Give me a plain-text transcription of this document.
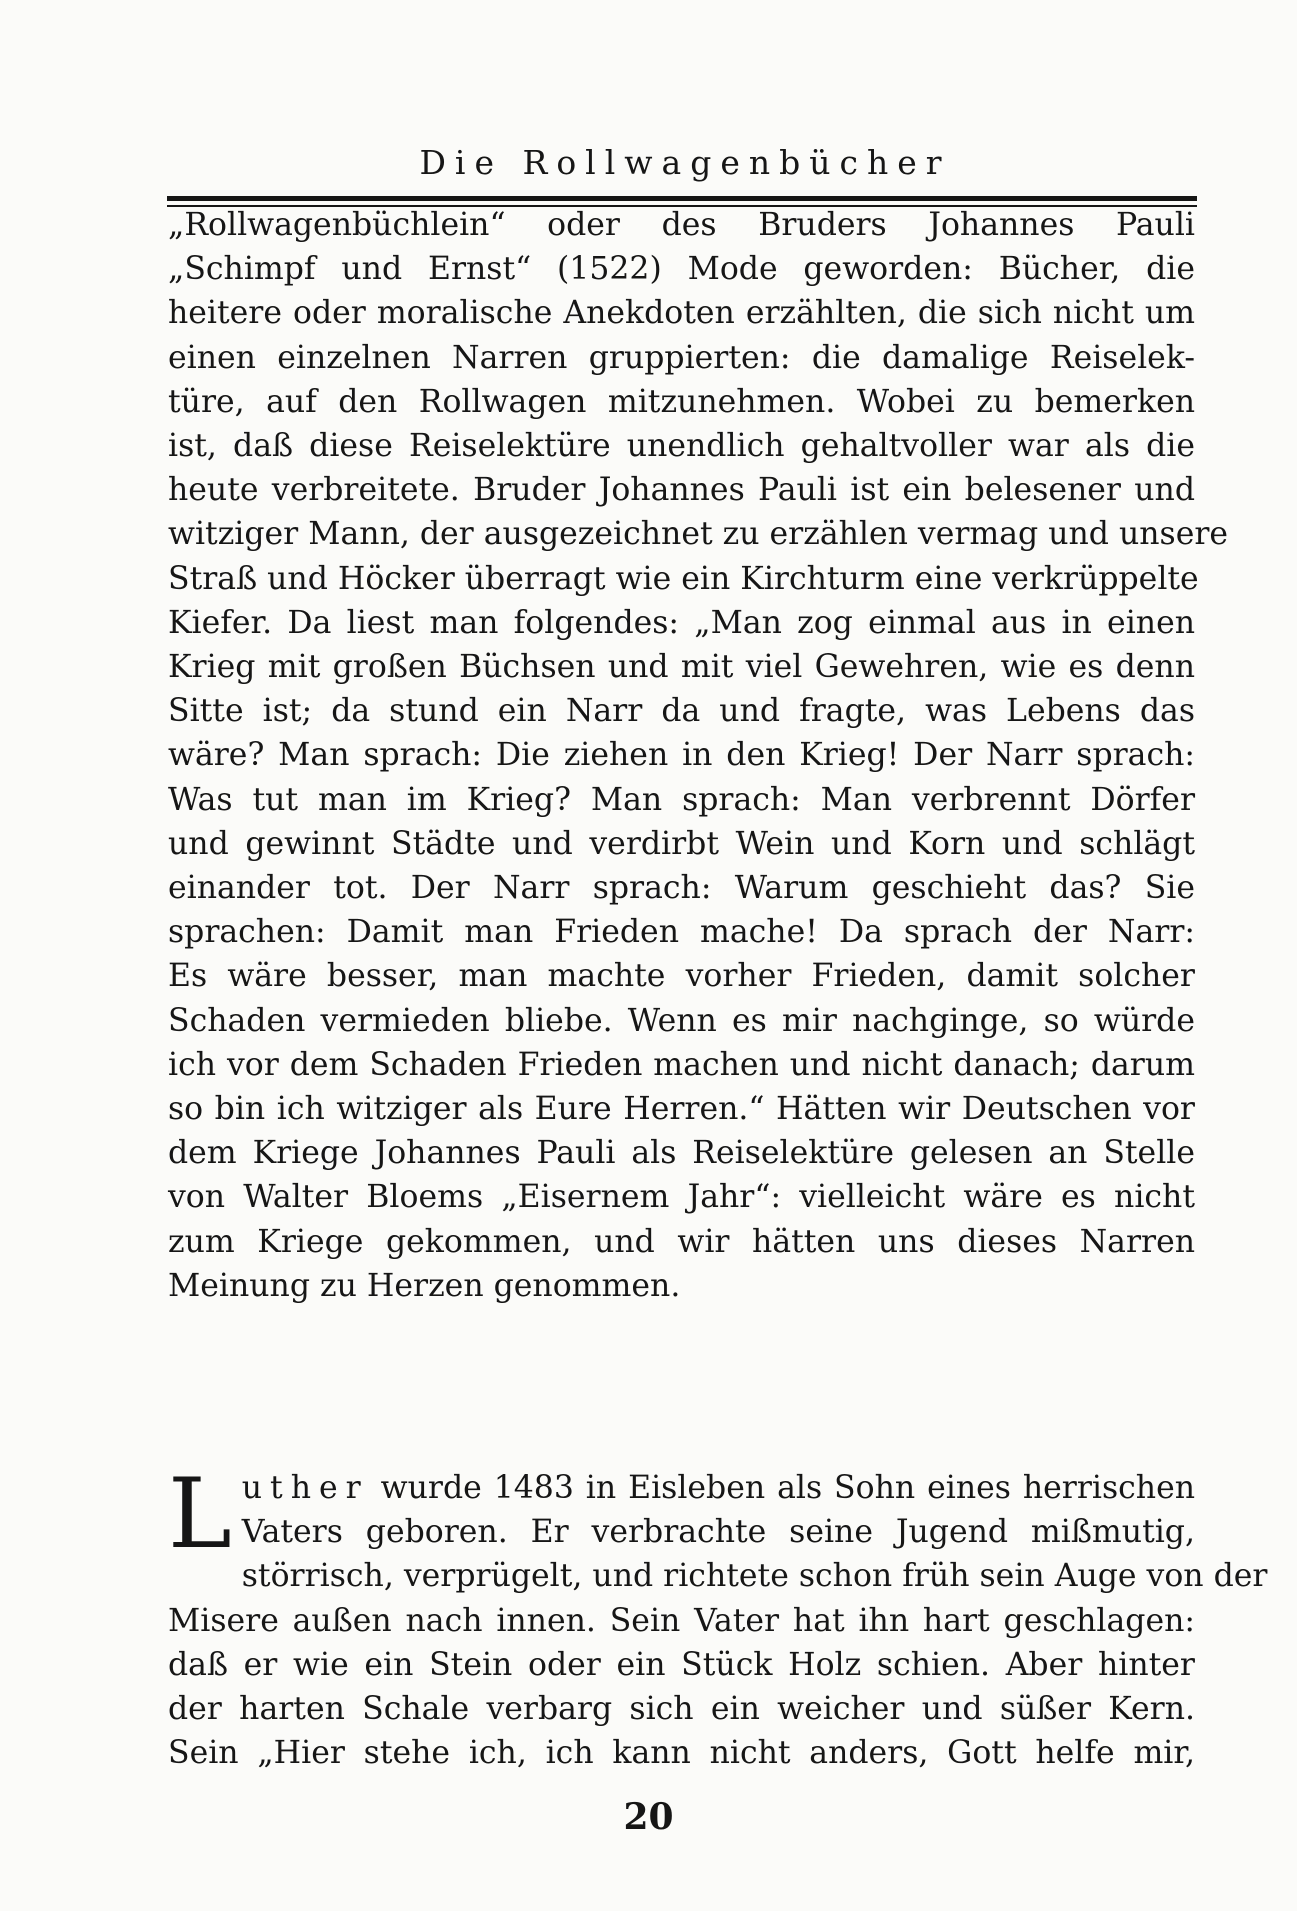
Die Rollwagenbücher
„Rollwagenbüchlein“ oder des Bruders Johannes Pauli
„Schimpf und Ernst“ (1522) Mode geworden: Bücher, die
heitere oder moralische Anekdoten erzählten, die sich nicht um
einen einzelnen Narren gruppierten: die damalige Reiselek-
türe, auf den Rollwagen mitzunehmen. Wobei zu bemerken
ist, daß diese Reiselektüre unendlich gehaltvoller war als die
heute verbreitete. Bruder Johannes Pauli ist ein belesener und
witziger Mann, der ausgezeichnet zu erzählen vermag und unsere
Straß und Höcker überragt wie ein Kirchturm eine verkrüppelte
Kiefer. Da liest man folgendes: „Man zog einmal aus in einen
Krieg mit großen Büchsen und mit viel Gewehren, wie es denn
Sitte ist; da stund ein Narr da und fragte, was Lebens das
wäre? Man sprach: Die ziehen in den Krieg! Der Narr sprach:
Was tut man im Krieg? Man sprach: Man verbrennt Dörfer
und gewinnt Städte und verdirbt Wein und Korn und schlägt
einander tot. Der Narr sprach: Warum geschieht das? Sie
sprachen: Damit man Frieden mache! Da sprach der Narr:
Es wäre besser, man machte vorher Frieden, damit solcher
Schaden vermieden bliebe. Wenn es mir nachginge, so würde
ich vor dem Schaden Frieden machen und nicht danach; darum
so bin ich witziger als Eure Herren.“ Hätten wir Deutschen vor
dem Kriege Johannes Pauli als Reiselektüre gelesen an Stelle
von Walter Bloems „Eisernem Jahr“: vielleicht wäre es nicht
zum Kriege gekommen, und wir hätten uns dieses Narren
Meinung zu Herzen genommen.
L uther wurde 1483 in Eisleben als Sohn eines herrischen
Vaters geboren. Er verbrachte seine Jugend mißmutig,
störrisch, verprügelt, und richtete schon früh sein Auge von der
Misere außen nach innen. Sein Vater hat ihn hart geschlagen:
daß er wie ein Stein oder ein Stück Holz schien. Aber hinter
der harten Schale verbarg sich ein weicher und süßer Kern.
Sein „Hier stehe ich, ich kann nicht anders, Gott helfe mir,
20
